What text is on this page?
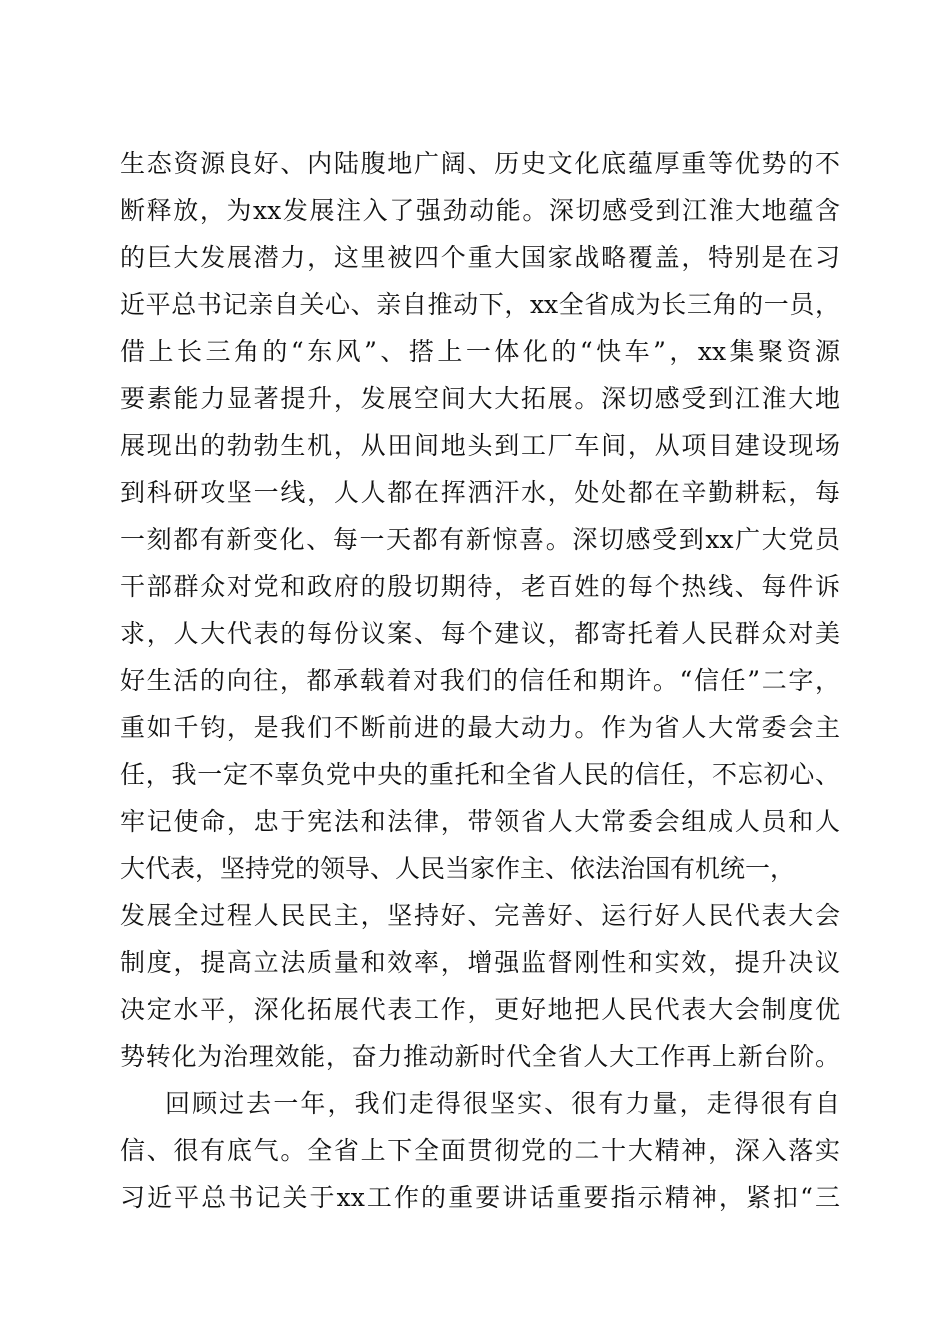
生态资源良好、内陆腹地广阔、历史文化底蕴厚重等优势的不
断释放，为xx发展注入了强劲动能。深切感受到江淮大地蕴含
的巨大发展潜力，这里被四个重大国家战略覆盖，特别是在习
近平总书记亲自关心、亲自推动下，xx全省成为长三角的一员，
借上长三角的“东风”、搭上一体化的“快车”，xx集聚资源
要素能力显著提升，发展空间大大拓展。深切感受到江淮大地
展现出的勃勃生机，从田间地头到工厂车间，从项目建设现场
到科研攻坚一线，人人都在挥洒汗水，处处都在辛勤耕耘，每
一刻都有新变化、每一天都有新惊喜。深切感受到xx广大党员
干部群众对党和政府的殷切期待，老百姓的每个热线、每件诉
求，人大代表的每份议案、每个建议，都寄托着人民群众对美
好生活的向往，都承载着对我们的信任和期许。“信任”二字，
重如千钧，是我们不断前进的最大动力。作为省人大常委会主
任，我一定不辜负党中央的重托和全省人民的信任，不忘初心、
牢记使命，忠于宪法和法律，带领省人大常委会组成人员和人
大代表，坚持党的领导、人民当家作主、依法治国有机统一，
发展全过程人民民主，坚持好、完善好、运行好人民代表大会
制度，提高立法质量和效率，增强监督刚性和实效，提升决议
决定水平，深化拓展代表工作，更好地把人民代表大会制度优
势转化为治理效能，奋力推动新时代全省人大工作再上新台阶。
回顾过去一年，我们走得很坚实、很有力量，走得很有自
信、很有底气。全省上下全面贯彻党的二十大精神，深入落实
习近平总书记关于xx工作的重要讲话重要指示精神，紧扣“三
